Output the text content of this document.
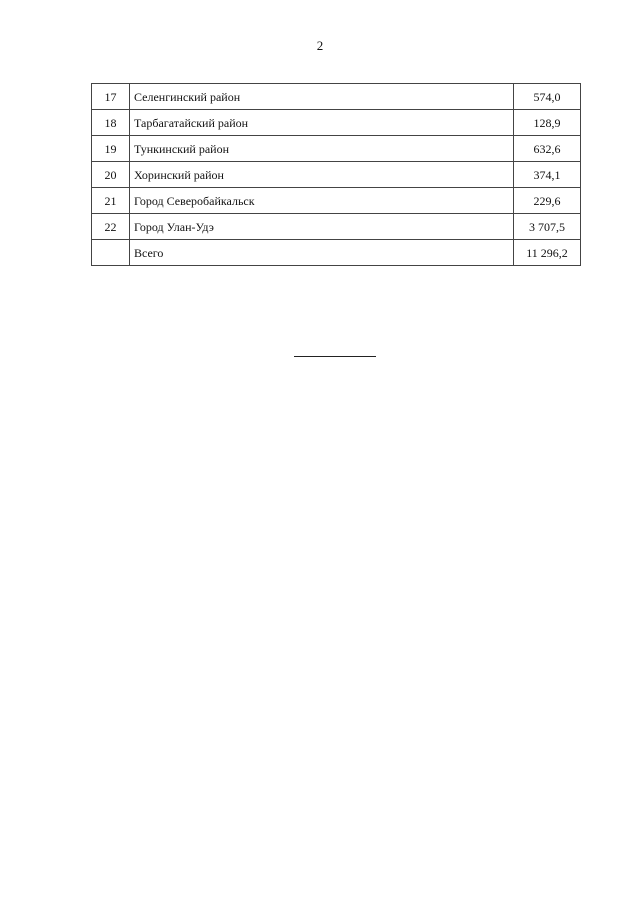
2
17	Селенгинский район	574,0
18	Тарбагатайский район	128,9
19	Тункинский район	632,6
20	Хоринский район	374,1
21	Город Северобайкальск	229,6
22	Город Улан-Удэ	3 707,5
	Всего	11 296,2
